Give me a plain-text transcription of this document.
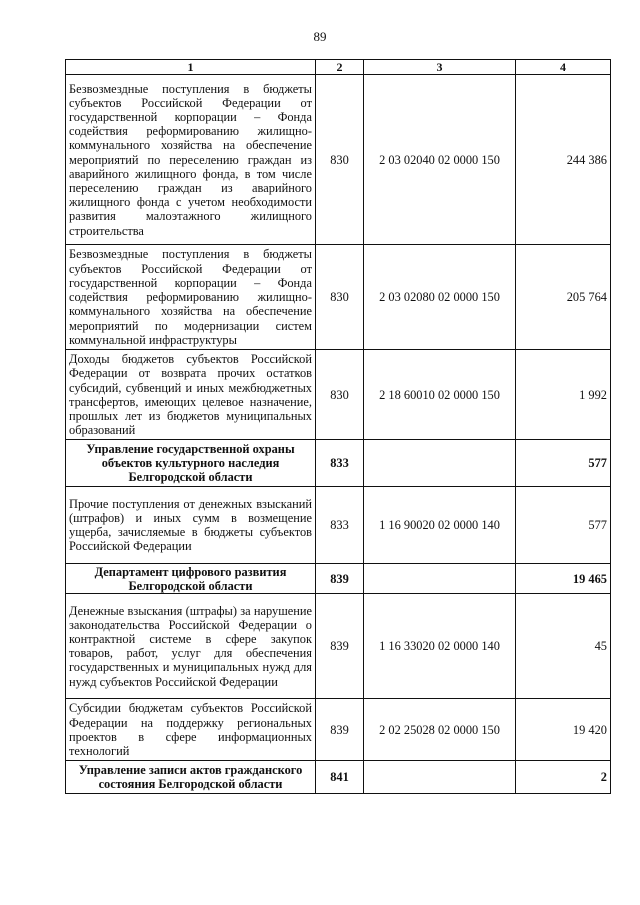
89
1	2	3	4
Безвозмездные поступления в бюджеты субъектов Российской Федерации от государственной корпорации – Фонда содействия реформированию жилищно-коммунального хозяйства на обеспечение мероприятий по переселению граждан из аварийного жилищного фонда, в том числе переселению граждан из аварийного жилищного фонда с учетом необходимости развития малоэтажного жилищного строительства	830	2 03 02040 02 0000 150	244 386
Безвозмездные поступления в бюджеты субъектов Российской Федерации от государственной корпорации – Фонда содействия реформированию жилищно-коммунального хозяйства на обеспечение мероприятий по модернизации систем коммунальной инфраструктуры	830	2 03 02080 02 0000 150	205 764
Доходы бюджетов субъектов Российской Федерации от возврата прочих остатков субсидий, субвенций и иных межбюджетных трансфертов, имеющих целевое назначение, прошлых лет из бюджетов муниципальных образований	830	2 18 60010 02 0000 150	1 992
Управление государственной охраны объектов культурного наследия Белгородской области	833		577
Прочие поступления от денежных взысканий (штрафов) и иных сумм в возмещение ущерба, зачисляемые в бюджеты субъектов Российской Федерации	833	1 16 90020 02 0000 140	577
Департамент цифрового развития Белгородской области	839		19 465
Денежные взыскания (штрафы) за нарушение законодательства Российской Федерации о контрактной системе в сфере закупок товаров, работ, услуг для обеспечения государственных и муниципальных нужд для нужд субъектов Российской Федерации	839	1 16 33020 02 0000 140	45
Субсидии бюджетам субъектов Российской Федерации на поддержку региональных проектов в сфере информационных технологий	839	2 02 25028 02 0000 150	19 420
Управление записи актов гражданского состояния Белгородской области	841		2
